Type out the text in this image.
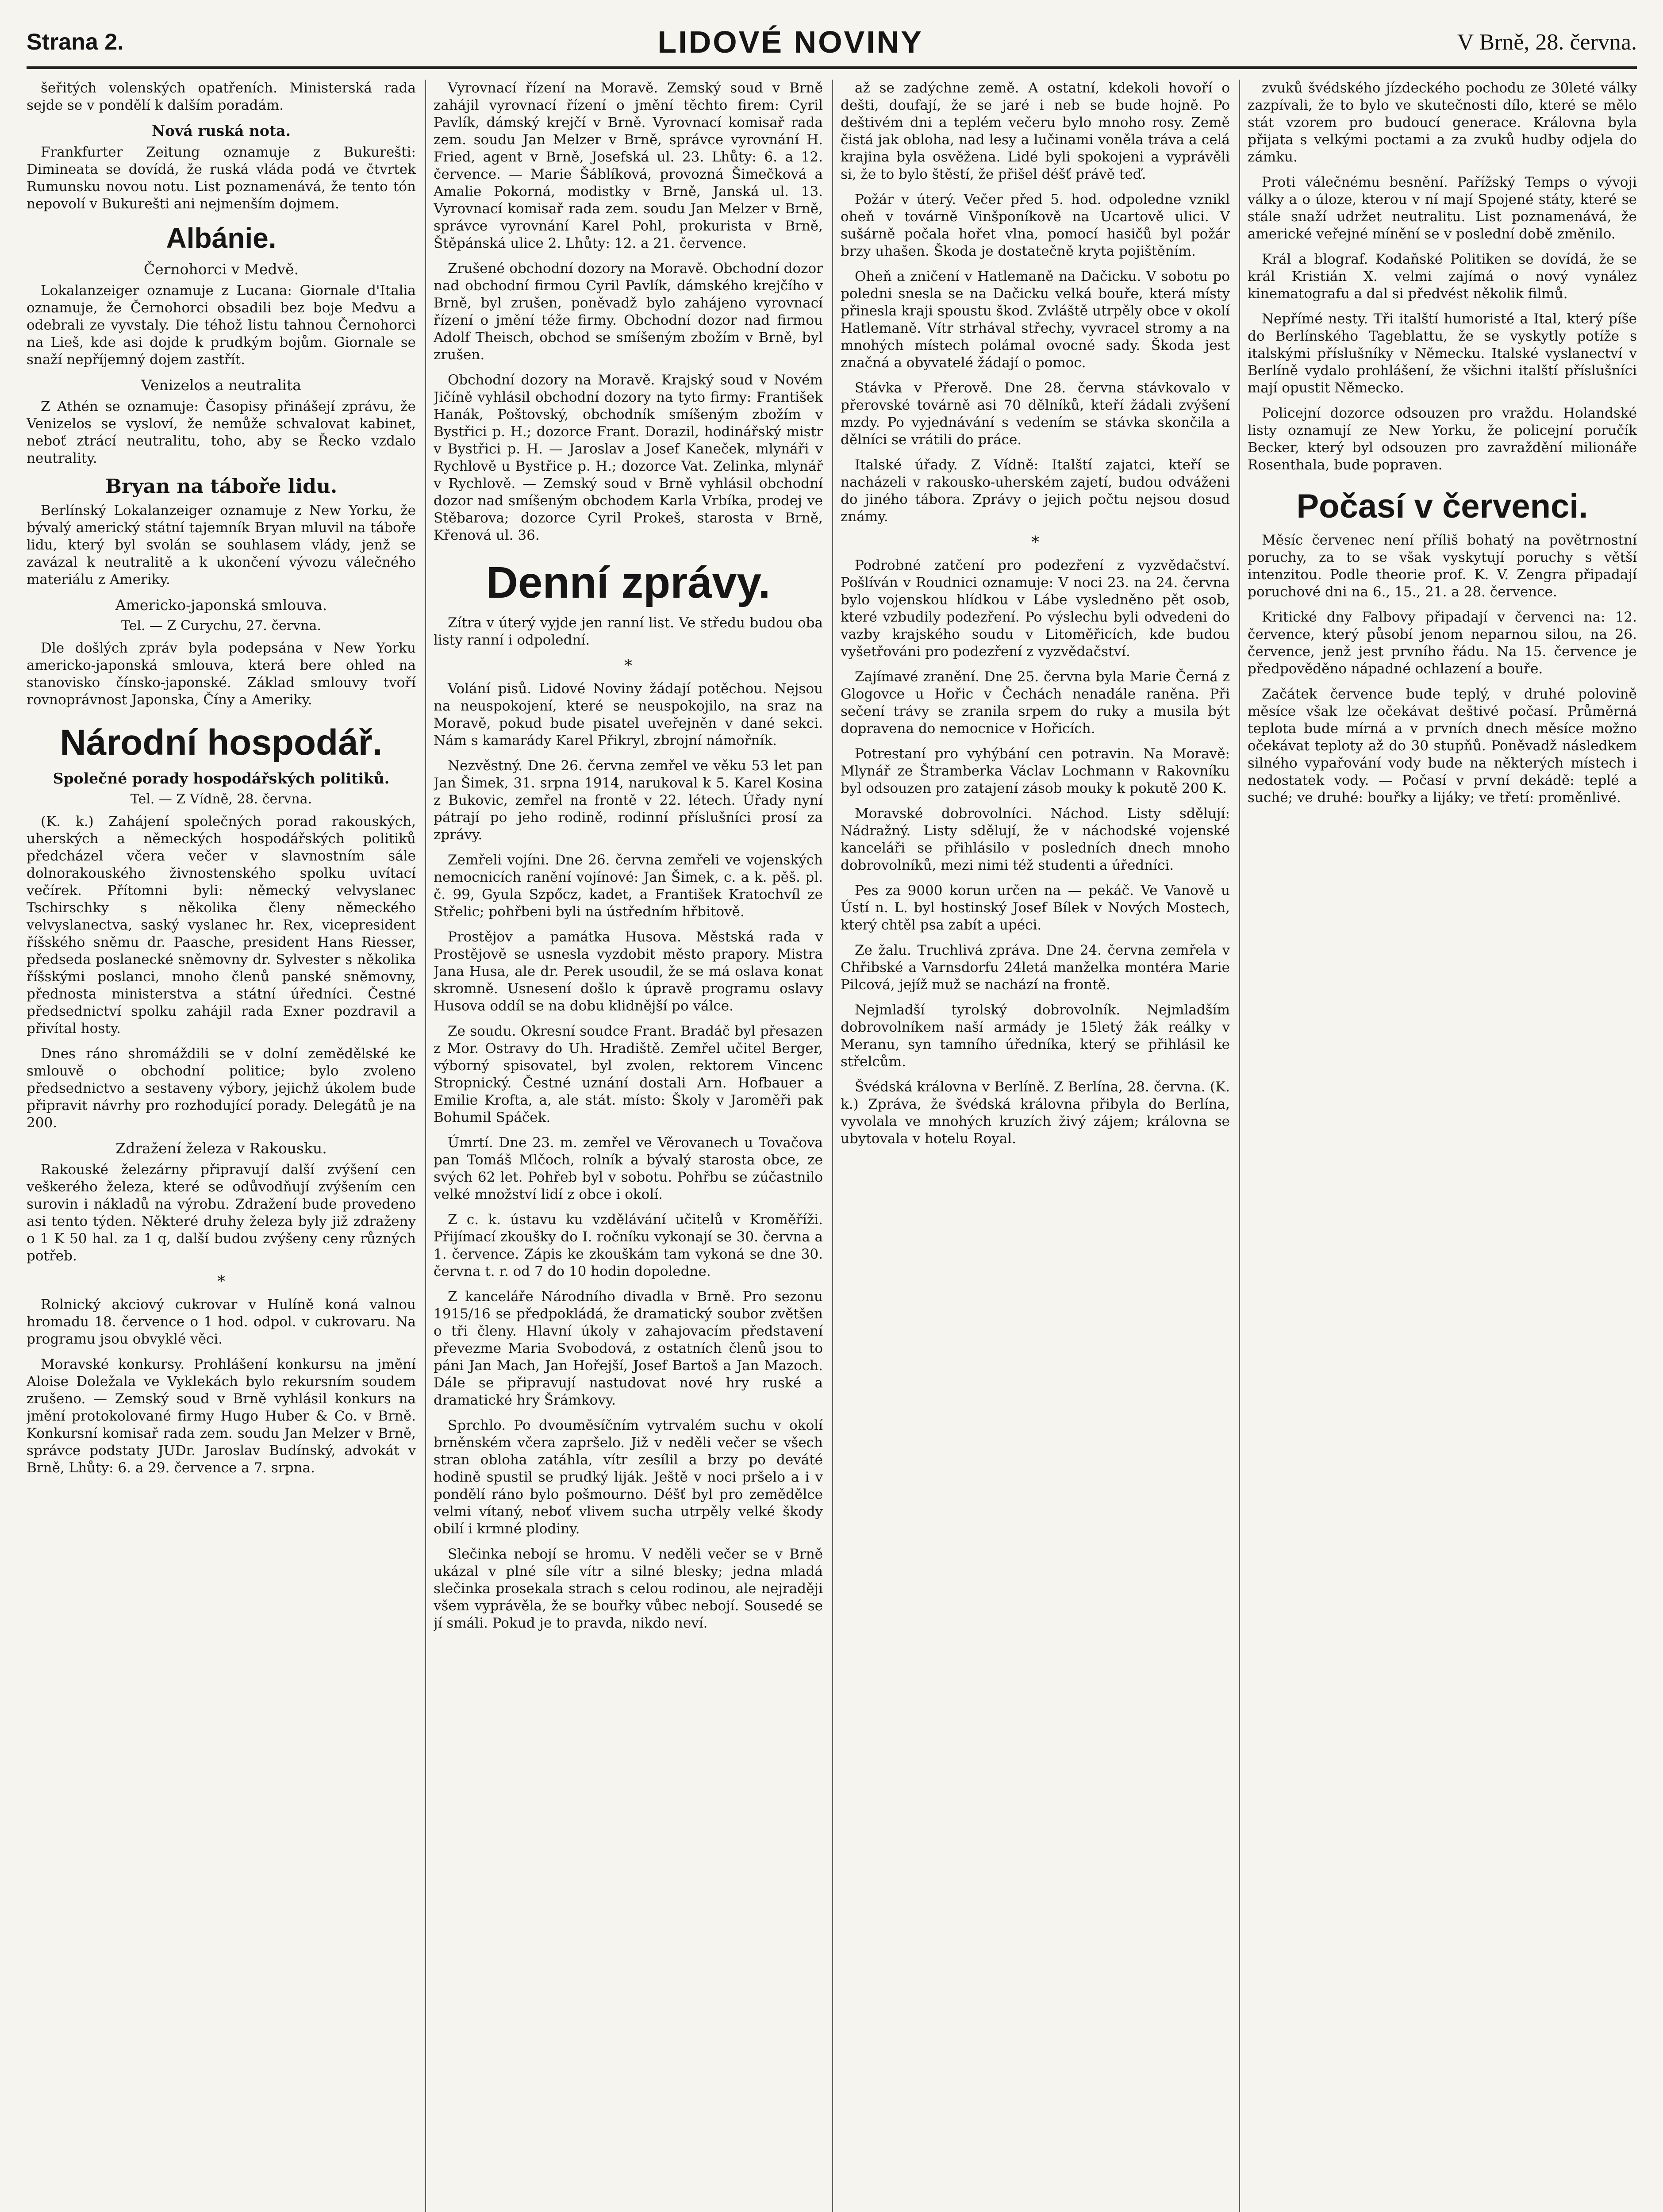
Strana 2.	LIDOVÉ NOVINY	V Brně, 28. června.

šeřitých volenských opatřeních. Ministerská rada sejde se v pondělí k dalším poradám.

Nová ruská nota.

Frankfurter Zeitung oznamuje z Bukurešti: Dimineata se dovídá, že ruská vláda podá ve čtvrtek Rumunsku novou notu. List poznamenává, že tento tón nepovolí v Bukurešti ani nejmenším dojmem.

Albánie.
Černohorci v Medvě.

Lokalanzeiger oznamuje z Lucana: Giornale d'Italia oznamuje, že Černohorci obsadili bez boje Medvu a odebrali ze vyvstaly. Die téhož listu tahnou Černohorci na Lieš, kde asi dojde k prudkým bojům. Giornale se snaží nepříjemný dojem zastřít.

Venizelos a neutralita

Z Athén se oznamuje: Časopisy přinášejí zprávu, že Venizelos se vysloví, že nemůže schvalovat kabinet, neboť ztrácí neutralitu, toho, aby se Řecko vzdalo neutrality.

Bryan na táboře lidu.

Berlínský Lokalanzeiger oznamuje z New Yorku, že bývalý americký státní tajemník Bryan mluvil na táboře lidu, který byl svolán se souhlasem vlády, jenž se zavázal k neutralitě a k ukončení vývozu válečného materiálu z Ameriky.

Americko-japonská smlouva.
Tel. — Z Curychu, 27. června.

Dle došlých zpráv byla podepsána v New Yorku americko-japonská smlouva, která bere ohled na stanovisko čínsko-japonské. Základ smlouvy tvoří rovnoprávnost Japonska, Číny a Ameriky.

Národní hospodář.
Společné porady hospodářských politiků.
Tel. — Z Vídně, 28. června.

(K. k.) Zahájení společných porad rakouských, uherských a německých hospodářských politiků předcházel včera večer v slavnostním sále dolnorakouského živnostenského spolku uvítací večírek. Přítomni byli: německý velvyslanec Tschirschky s několika členy německého velvyslanectva, saský vyslanec hr. Rex, vicepresident říšského sněmu dr. Paasche, president Hans Riesser, předseda poslanecké sněmovny dr. Sylvester s několika říšskými poslanci, mnoho členů panské sněmovny, přednosta ministerstva a státní úředníci. Čestné předsednictví spolku zahájil rada Exner pozdravil a přivítal hosty.

Dnes ráno shromáždili se v dolní zemědělské ke smlouvě o obchodní politice; bylo zvoleno předsednictvo a sestaveny výbory, jejichž úkolem bude připravit návrhy pro rozhodující porady. Delegátů je na 200.

Zdražení železa v Rakousku.

Rakouské železárny připravují další zvýšení cen veškerého železa, které se odůvodňují zvýšením cen surovin i nákladů na výrobu. Zdražení bude provedeno asi tento týden. Některé druhy železa byly již zdraženy o 1 K 50 hal. za 1 q, další budou zvýšeny ceny různých potřeb.

*

Rolnický akciový cukrovar v Hulíně koná valnou hromadu 18. července o 1 hod. odpol. v cukrovaru. Na programu jsou obvyklé věci.

Moravské konkursy. Prohlášení konkursu na jmění Aloise Doležala ve Vyklekách bylo rekursním soudem zrušeno. — Zemský soud v Brně vyhlásil konkurs na jmění protokolované firmy Hugo Huber & Co. v Brně. Konkursní komisař rada zem. soudu Jan Melzer v Brně, správce podstaty JUDr. Jaroslav Budínský, advokát v Brně, Lhůty: 6. a 29. července a 7. srpna.

Vyrovnací řízení na Moravě. Zemský soud v Brně zahájil vyrovnací řízení o jmění těchto firem: Cyril Pavlík, dámský krejčí v Brně. Vyrovnací komisař rada zem. soudu Jan Melzer v Brně, správce vyrovnání H. Fried, agent v Brně, Josefská ul. 23. Lhůty: 6. a 12. července. — Marie Šáblíková, provozná Šimečková a Amalie Pokorná, modistky v Brně, Janská ul. 13. Vyrovnací komisař rada zem. soudu Jan Melzer v Brně, správce vyrovnání Karel Pohl, prokurista v Brně, Štěpánská ulice 2. Lhůty: 12. a 21. července.

Zrušené obchodní dozory na Moravě. Obchodní dozor nad obchodní firmou Cyril Pavlík, dámského krejčího v Brně, byl zrušen, poněvadž bylo zahájeno vyrovnací řízení o jmění téže firmy. Obchodní dozor nad firmou Adolf Theisch, obchod se smíšeným zbožím v Brně, byl zrušen.

Obchodní dozory na Moravě. Krajský soud v Novém Jičíně vyhlásil obchodní dozory na tyto firmy: František Hanák, Poštovský, obchodník smíšeným zbožím v Bystřici p. H.; dozorce Frant. Dorazil, hodinářský mistr v Bystřici p. H. — Jaroslav a Josef Kaneček, mlynáři v Rychlově u Bystřice p. H.; dozorce Vat. Zelinka, mlynář v Rychlově. — Zemský soud v Brně vyhlásil obchodní dozor nad smíšeným obchodem Karla Vrbíka, prodej ve Stěbarova; dozorce Cyril Prokeš, starosta v Brně, Křenová ul. 36.

Denní zprávy.

Zítra v úterý vyjde jen ranní list. Ve středu budou oba listy ranní i odpolední.

*

Volání pisů. Lidové Noviny žádají potěchou. Nejsou na neuspokojení, které se neuspokojilo, na sraz na Moravě, pokud bude pisatel uveřejněn v dané sekci. Nám s kamarády Karel Přikryl, zbrojní námořník.

Nezvěstný. Dne 26. června zemřel ve věku 53 let pan Jan Šimek, 31. srpna 1914, narukoval k 5. Karel Kosina z Bukovic, zemřel na frontě v 22. létech. Úřady nyní pátrají po jeho rodině, rodinní příslušníci prosí za zprávy.

Zemřeli vojíni. Dne 26. června zemřeli ve vojenských nemocnicích ranění vojínové: Jan Šimek, c. a k. pěš. pl. č. 99, Gyula Szpőcz, kadet, a František Kratochvíl ze Střelic; pohřbeni byli na ústředním hřbitově.

Prostějov a památka Husova. Městská rada v Prostějově se usnesla vyzdobit město prapory. Mistra Jana Husa, ale dr. Perek usoudil, že se má oslava konat skromně. Usnesení došlo k úpravě programu oslavy Husova oddíl se na dobu klidnější po válce.

Ze soudu. Okresní soudce Frant. Bradáč byl přesazen z Mor. Ostravy do Uh. Hradiště. Zemřel učitel Berger, výborný spisovatel, byl zvolen, rektorem Vincenc Stropnický. Čestné uznání dostali Arn. Hofbauer a Emilie Krofta, a, ale stát. místo: Školy v Jaroměři pak Bohumil Spáček.

Úmrtí. Dne 23. m. zemřel ve Věrovanech u Tovačova pan Tomáš Mlčoch, rolník a bývalý starosta obce, ze svých 62 let. Pohřeb byl v sobotu. Pohřbu se zúčastnilo velké množství lidí z obce i okolí.

Z c. k. ústavu ku vzdělávání učitelů v Kroměříži. Přijímací zkoušky do I. ročníku vykonají se 30. června a 1. července. Zápis ke zkouškám tam vykoná se dne 30. června t. r. od 7 do 10 hodin dopoledne.

Z kanceláře Národního divadla v Brně. Pro sezonu 1915/16 se předpokládá, že dramatický soubor zvětšen o tři členy. Hlavní úkoly v zahajovacím představení převezme Maria Svobodová, z ostatních členů jsou to páni Jan Mach, Jan Hořejší, Josef Bartoš a Jan Mazoch. Dále se připravují nastudovat nové hry ruské a dramatické hry Šrámkovy.

Sprchlo. Po dvouměsíčním vytrvalém suchu v okolí brněnském včera zapršelo. Již v neděli večer se všech stran obloha zatáhla, vítr zesílil a brzy po deváté hodině spustil se prudký liják. Ještě v noci pršelo a i v pondělí ráno bylo pošmourno. Déšť byl pro zemědělce velmi vítaný, neboť vlivem sucha utrpěly velké škody obilí i krmné plodiny.

Slečinka nebojí se hromu. V neděli večer se v Brně ukázal v plné síle vítr a silné blesky; jedna mladá slečinka prosekala strach s celou rodinou, ale nejraději všem vyprávěla, že se bouřky vůbec nebojí. Sousedé se jí smáli. Pokud je to pravda, nikdo neví.

až se zadýchne země. A ostatní, kdekoli hovoří o dešti, doufají, že se jaré i neb se bude hojně. Po deštivém dni a teplém večeru bylo mnoho rosy. Země čistá jak obloha, nad lesy a lučinami voněla tráva a celá krajina byla osvěžena. Lidé byli spokojeni a vyprávěli si, že to bylo štěstí, že přišel déšť právě teď.

Požár v úterý. Večer před 5. hod. odpoledne vznikl oheň v továrně Vinšponíkově na Ucartově ulici. V sušárně počala hořet vlna, pomocí hasičů byl požár brzy uhašen. Škoda je dostatečně kryta pojištěním.

Oheň a zničení v Hatlemaně na Dačicku. V sobotu po poledni snesla se na Dačicku velká bouře, která místy přinesla kraji spoustu škod. Zvláště utrpěly obce v okolí Hatlemaně. Vítr strhával střechy, vyvracel stromy a na mnohých místech polámal ovocné sady. Škoda jest značná a obyvatelé žádají o pomoc.

Stávka v Přerově. Dne 28. června stávkovalo v přerovské továrně asi 70 dělníků, kteří žádali zvýšení mzdy. Po vyjednávání s vedením se stávka skončila a dělníci se vrátili do práce.

Italské úřady. Z Vídně: Italští zajatci, kteří se nacházeli v rakousko-uherském zajetí, budou odváženi do jiného tábora. Zprávy o jejich počtu nejsou dosud známy.

*

Podrobné zatčení pro podezření z vyzvědačství. Pošlíván v Roudnici oznamuje: V noci 23. na 24. června bylo vojenskou hlídkou v Lábe vysledněno pět osob, které vzbudily podezření. Po výslechu byli odvedeni do vazby krajského soudu v Litoměřicích, kde budou vyšetřováni pro podezření z vyzvědačství.

Zajímavé zranění. Dne 25. června byla Marie Černá z Glogovce u Hořic v Čechách nenadále raněna. Při sečení trávy se zranila srpem do ruky a musila být dopravena do nemocnice v Hořicích.

Potrestaní pro vyhýbání cen potravin. Na Moravě: Mlynář ze Štramberka Václav Lochmann v Rakovníku byl odsouzen pro zatajení zásob mouky k pokutě 200 K.

Moravské dobrovolníci. Náchod. Listy sdělují: Nádražný. Listy sdělují, že v náchodské vojenské kanceláři se přihlásilo v posledních dnech mnoho dobrovolníků, mezi nimi též studenti a úředníci.

Pes za 9000 korun určen na — pekáč. Ve Vanově u Ústí n. L. byl hostinský Josef Bílek v Nových Mostech, který chtěl psa zabít a upéci.

Ze žalu. Truchlivá zpráva. Dne 24. června zemřela v Chřibské a Varnsdorfu 24letá manželka montéra Marie Pilcová, jejíž muž se nachází na frontě.

Nejmladší tyrolský dobrovolník. Nejmladším dobrovolníkem naší armády je 15letý žák reálky v Meranu, syn tamního úředníka, který se přihlásil ke střelcům.

Švédská královna v Berlíně. Z Berlína, 28. června. (K. k.) Zpráva, že švédská královna přibyla do Berlína, vyvolala ve mnohých kruzích živý zájem; královna se ubytovala v hotelu Royal.

zvuků švédského jízdeckého pochodu ze 30leté války zazpívali, že to bylo ve skutečnosti dílo, které se mělo stát vzorem pro budoucí generace. Královna byla přijata s velkými poctami a za zvuků hudby odjela do zámku.

Proti válečnému besnění. Pařížský Temps o vývoji války a o úloze, kterou v ní mají Spojené státy, které se stále snaží udržet neutralitu. List poznamenává, že americké veřejné mínění se v poslední době změnilo.

Král a blograf. Kodaňské Politiken se dovídá, že se král Kristián X. velmi zajímá o nový vynález kinematografu a dal si předvést několik filmů.

Nepřímé nesty. Tři italští humoristé a Ital, který píše do Berlínského Tageblattu, že se vyskytly potíže s italskými příslušníky v Německu. Italské vyslanectví v Berlíně vydalo prohlášení, že všichni italští příslušníci mají opustit Německo.

Policejní dozorce odsouzen pro vraždu. Holandské listy oznamují ze New Yorku, že policejní poručík Becker, který byl odsouzen pro zavraždění milionáře Rosenthala, bude popraven.

Počasí v červenci.

Měsíc červenec není příliš bohatý na povětrnostní poruchy, za to se však vyskytují poruchy s větší intenzitou. Podle theorie prof. K. V. Zengra připadají poruchové dni na 6., 15., 21. a 28. července.

Kritické dny Falbovy připadají v červenci na: 12. července, který působí jenom neparnou silou, na 26. července, jenž jest prvního řádu. Na 15. července je předpověděno nápadné ochlazení a bouře.

Začátek července bude teplý, v druhé polovině měsíce však lze očekávat deštivé počasí. Průměrná teplota bude mírná a v prvních dnech měsíce možno očekávat teploty až do 30 stupňů. Poněvadž následkem silného vypařování vody bude na některých místech i nedostatek vody. — Počasí v první dekádě: teplé a suché; ve druhé: bouřky a lijáky; ve třetí: proměnlivé.
